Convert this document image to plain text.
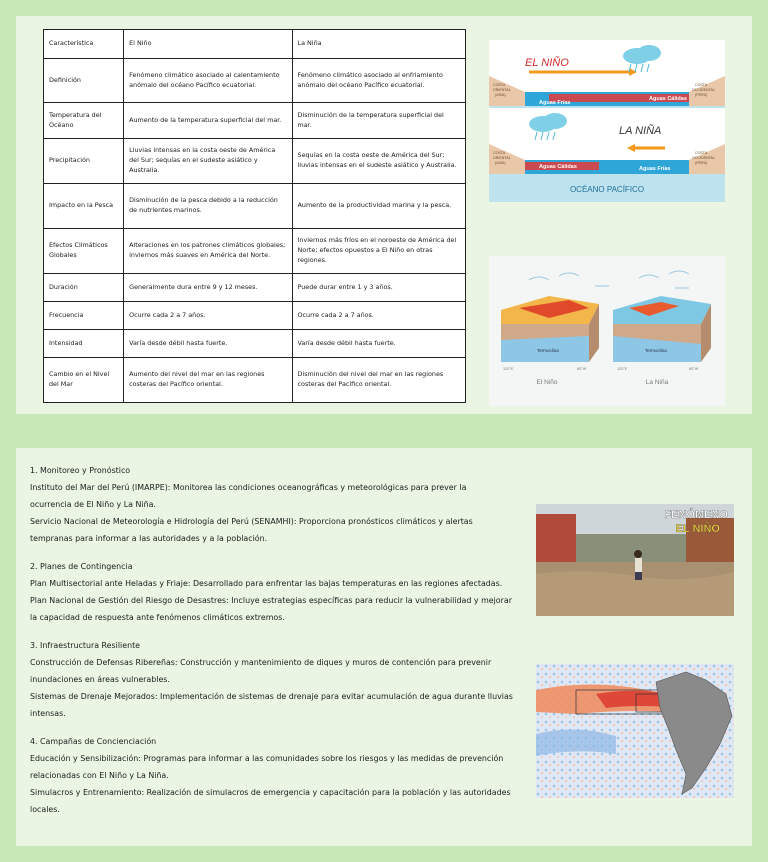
Característica	El Niño	La Niña
Definición	Fenómeno climático asociado al calentamiento anómalo del océano Pacífico ecuatorial.	Fenómeno climático asociado al enfriamiento anómalo del océano Pacífico ecuatorial.
Temperatura del Océano	Aumento de la temperatura superficial del mar.	Disminución de la temperatura superficial del mar.
Precipitación	Lluvias intensas en la costa oeste de América del Sur; sequías en el sudeste asiático y Australia.	Sequías en la costa oeste de América del Sur; lluvias intensas en el sudeste asiático y Australia.
Impacto en la Pesca	Disminución de la pesca debido a la reducción de nutrientes marinos.	Aumento de la productividad marina y la pesca.
Efectos Climáticos Globales	Alteraciones en los patrones climáticos globales; inviernos más suaves en América del Norte.	Inviernos más fríos en el noroeste de América del Norte; efectos opuestos a El Niño en otras regiones.
Duración	Generalmente dura entre 9 y 12 meses.	Puede durar entre 1 y 3 años.
Frecuencia	Ocurre cada 2 a 7 años.	Ocurre cada 2 a 7 años.
Intensidad	Varía desde débil hasta fuerte.	Varía desde débil hasta fuerte.
Cambio en el Nivel del Mar	Aumento del nivel del mar en las regiones costeras del Pacífico oriental.	Disminución del nivel del mar en las regiones costeras del Pacífico oriental.
EL NIÑO
Aguas Frías
Aguas Cálidas
COSTA
ORIENTAL
(ASIA)
COSTA
OCCIDENTAL
(PERÚ)
LA NIÑA
Aguas Cálidas	Aguas Frías
COSTA
ORIENTAL
(ASIA)
COSTA
OCCIDENTAL
(PERÚ)
OCÉANO PACÍFICO
Termoclina	Termoclina
120°E	80°W	120°E	80°W
El Niño	La Niña

1. Monitoreo y Pronóstico

Instituto del Mar del Perú (IMARPE): Monitorea las condiciones oceanográficas y meteorológicas para prever la

ocurrencia de El Niño y La Niña.

Servicio Nacional de Meteorología e Hidrología del Perú (SENAMHI): Proporciona pronósticos climáticos y alertas

tempranas para informar a las autoridades y a la población.

2. Planes de Contingencia

Plan Multisectorial ante Heladas y Friaje: Desarrollado para enfrentar las bajas temperaturas en las regiones afectadas.

Plan Nacional de Gestión del Riesgo de Desastres: Incluye estrategias específicas para reducir la vulnerabilidad y mejorar

la capacidad de respuesta ante fenómenos climáticos extremos.

3. Infraestructura Resiliente

Construcción de Defensas Ribereñas: Construcción y mantenimiento de diques y muros de contención para prevenir

inundaciones en áreas vulnerables.

Sistemas de Drenaje Mejorados: Implementación de sistemas de drenaje para evitar acumulación de agua durante lluvias

intensas.

4. Campañas de Concienciación

Educación y Sensibilización: Programas para informar a las comunidades sobre los riesgos y las medidas de prevención

relacionadas con El Niño y La Niña.

Simulacros y Entrenamiento: Realización de simulacros de emergencia y capacitación para la población y las autoridades

locales.

FENÓMENO
EL NIÑO
